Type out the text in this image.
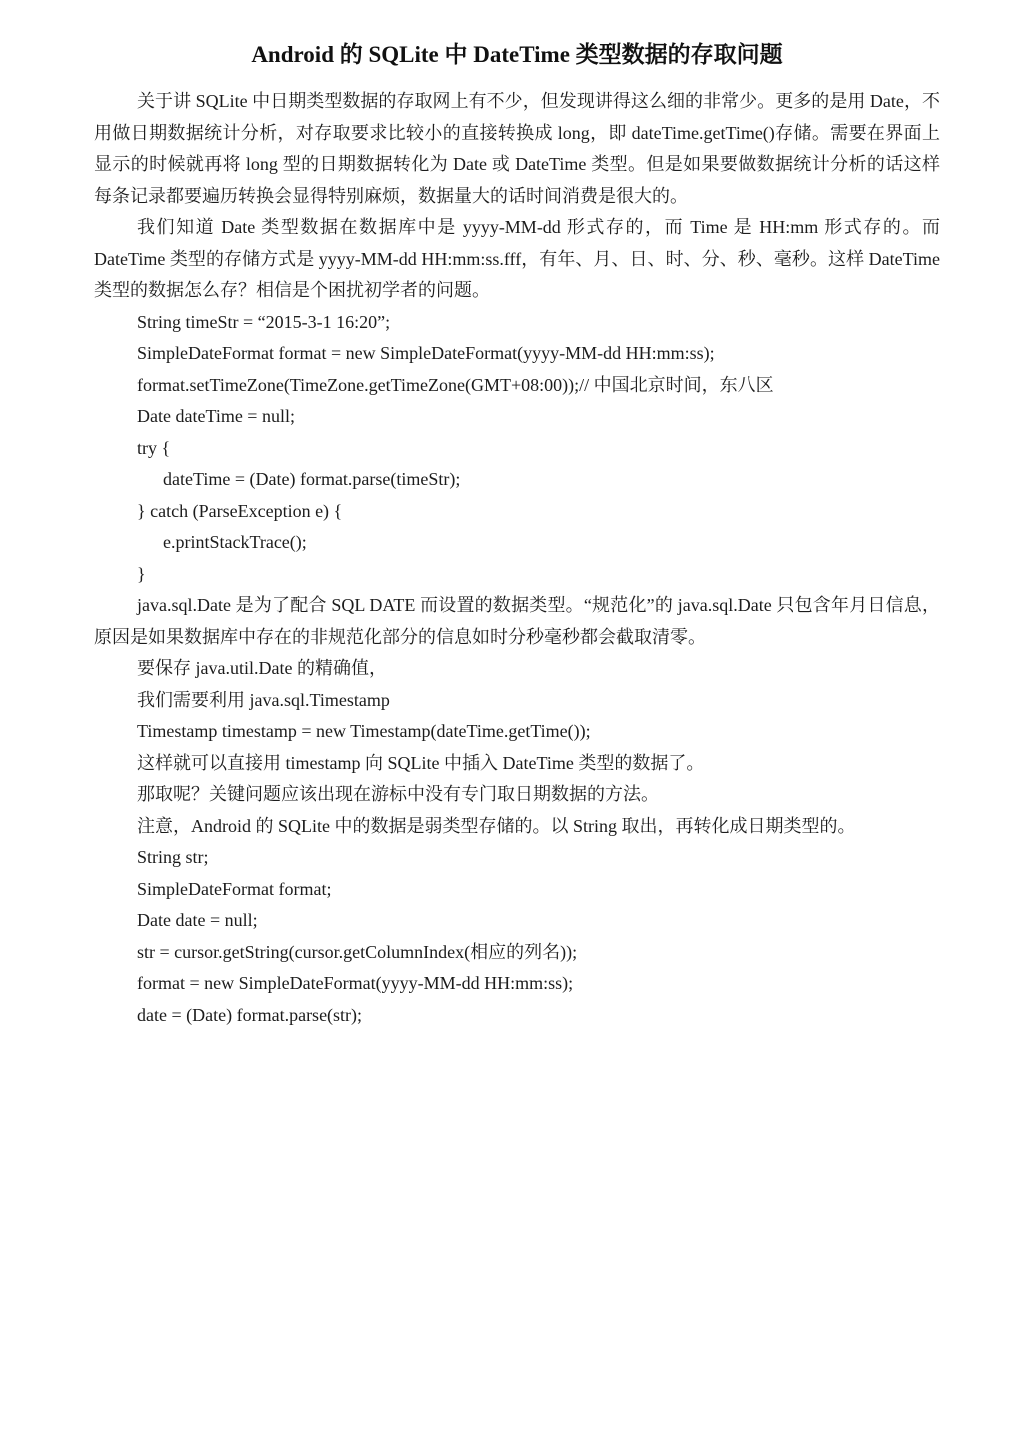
Android 的 SQLite 中 DateTime 类型数据的存取问题

关于讲 SQLite 中日期类型数据的存取网上有不少，但发现讲得这么细的非常少。更多的是用 Date，不用做日期数据统计分析，对存取要求比较小的直接转换成 long，即 dateTime.getTime()存储。需要在界面上显示的时候就再将 long 型的日期数据转化为 Date 或 DateTime 类型。但是如果要做数据统计分析的话这样每条记录都要遍历转换会显得特别麻烦，数据量大的话时间消费是很大的。

我们知道 Date 类型数据在数据库中是 yyyy-MM-dd 形式存的，而 Time 是 HH:mm 形式存的。而 DateTime 类型的存储方式是 yyyy-MM-dd HH:mm:ss.fff，有年、月、日、时、分、秒、毫秒。这样 DateTime 类型的数据怎么存？相信是个困扰初学者的问题。

String timeStr = “2015-3-1 16:20”;

SimpleDateFormat format = new SimpleDateFormat(yyyy-MM-dd HH:mm:ss);

format.setTimeZone(TimeZone.getTimeZone(GMT+08:00));// 中国北京时间，东八区

Date dateTime = null;

try {

dateTime = (Date) format.parse(timeStr);

} catch (ParseException e) {

e.printStackTrace();

}

java.sql.Date 是为了配合 SQL DATE 而设置的数据类型。“规范化”的 java.sql.Date 只包含年月日信息，原因是如果数据库中存在的非规范化部分的信息如时分秒毫秒都会截取清零。

要保存 java.util.Date 的精确值，

我们需要利用 java.sql.Timestamp

Timestamp timestamp = new Timestamp(dateTime.getTime());

这样就可以直接用 timestamp 向 SQLite 中插入 DateTime 类型的数据了。

那取呢？关键问题应该出现在游标中没有专门取日期数据的方法。

注意，Android 的 SQLite 中的数据是弱类型存储的。以 String 取出，再转化成日期类型的。

String str;

SimpleDateFormat format;

Date date = null;

str = cursor.getString(cursor.getColumnIndex(相应的列名));

format = new SimpleDateFormat(yyyy-MM-dd HH:mm:ss);

date = (Date) format.parse(str);
